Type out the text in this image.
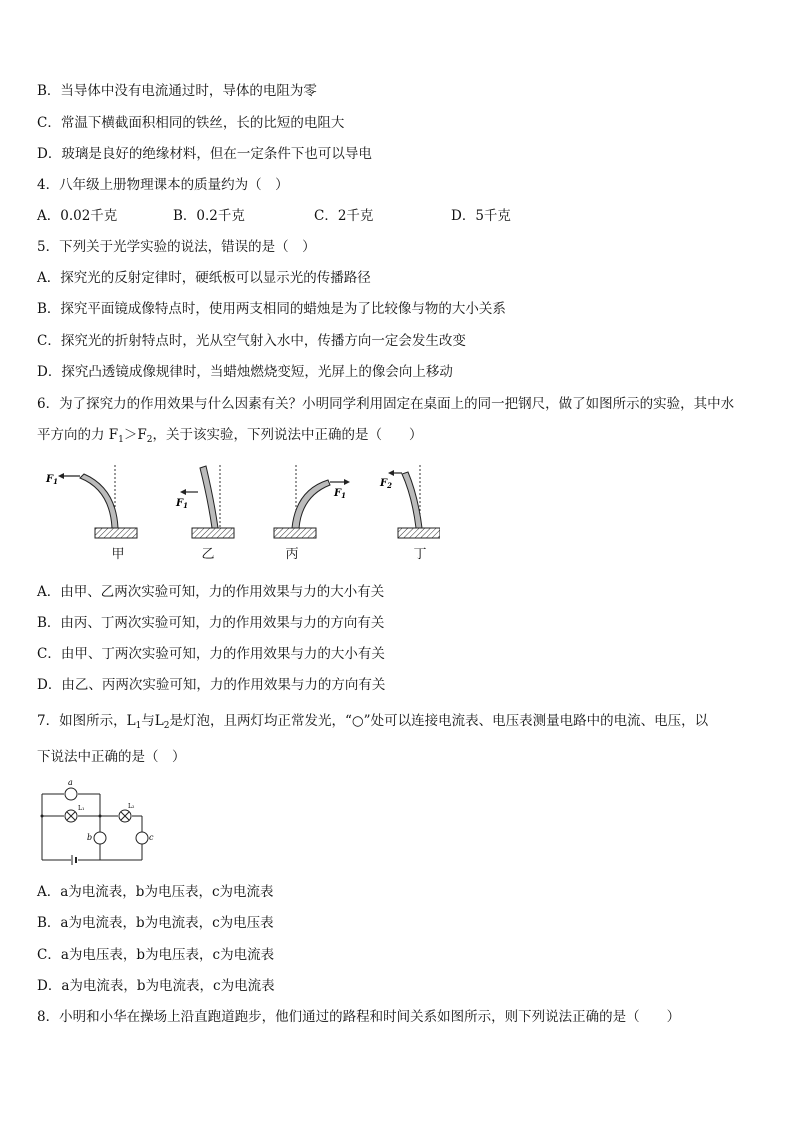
B．当导体中没有电流通过时，导体的电阻为零
C．常温下横截面积相同的铁丝，长的比短的电阻大
D．玻璃是良好的绝缘材料，但在一定条件下也可以导电
4．八年级上册物理课本的质量约为（　）
A．0.02千克	B．0.2千克	C．2千克	D．5千克
5．下列关于光学实验的说法，错误的是（　）
A．探究光的反射定律时，硬纸板可以显示光的传播路径
B．探究平面镜成像特点时，使用两支相同的蜡烛是为了比较像与物的大小关系
C．探究光的折射特点时，光从空气射入水中，传播方向一定会发生改变
D．探究凸透镜成像规律时，当蜡烛燃烧变短，光屏上的像会向上移动
6．为了探究力的作用效果与什么因素有关？小明同学利用固定在桌面上的同一把钢尺，做了如图所示的实验，其中水
平方向的力 $F_1>F_2$，关于该实验，下列说法中正确的是（　　）
$F_1$
$F_1$
$F_1$
$F_2$
甲	乙	丙	丁
A．由甲、乙两次实验可知，力的作用效果与力的大小有关
B．由丙、丁两次实验可知，力的作用效果与力的方向有关
C．由甲、丁两次实验可知，力的作用效果与力的大小有关
D．由乙、丙两次实验可知，力的作用效果与力的方向有关
7．如图所示，$L_1$与$L_2$是灯泡，且两灯均正常发光，“○”处可以连接电流表、电压表测量电路中的电流、电压，以
下说法中正确的是（　）
a
L₁	L₂
b	c
A．a为电流表，b为电压表，c为电流表
B．a为电流表，b为电流表，c为电压表
C．a为电压表，b为电压表，c为电流表
D．a为电流表，b为电流表，c为电流表
8．小明和小华在操场上沿直跑道跑步，他们通过的路程和时间关系如图所示，则下列说法正确的是（　　）
